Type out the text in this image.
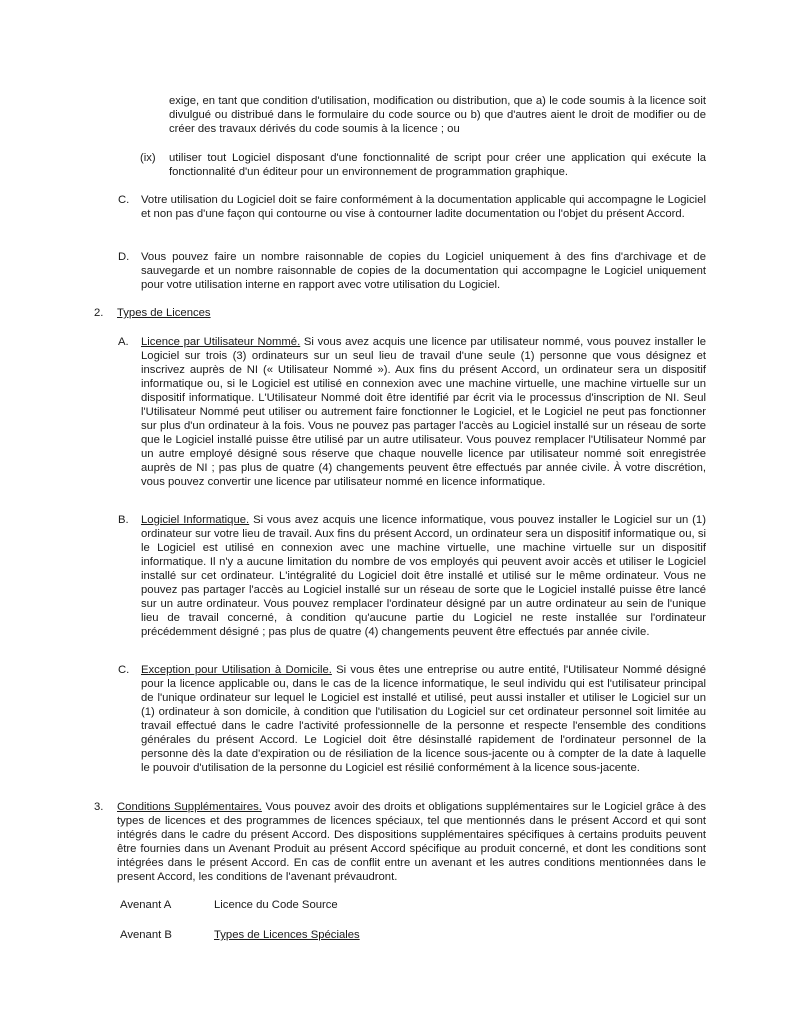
exige, en tant que condition d'utilisation, modification ou distribution, que a) le code soumis à la licence soit divulgué ou distribué dans le formulaire du code source ou b) que d'autres aient le droit de modifier ou de créer des travaux dérivés du code soumis à la licence ; ou

(ix) utiliser tout Logiciel disposant d'une fonctionnalité de script pour créer une application qui exécute la fonctionnalité d'un éditeur pour un environnement de programmation graphique.

C. Votre utilisation du Logiciel doit se faire conformément à la documentation applicable qui accompagne le Logiciel et non pas d'une façon qui contourne ou vise à contourner ladite documentation ou l'objet du présent Accord.

D. Vous pouvez faire un nombre raisonnable de copies du Logiciel uniquement à des fins d'archivage et de sauvegarde et un nombre raisonnable de copies de la documentation qui accompagne le Logiciel uniquement pour votre utilisation interne en rapport avec votre utilisation du Logiciel.

2. Types de Licences
A. Licence par Utilisateur Nommé. Si vous avez acquis une licence par utilisateur nommé, vous pouvez installer le Logiciel sur trois (3) ordinateurs sur un seul lieu de travail d'une seule (1) personne que vous désignez et inscrivez auprès de NI (« Utilisateur Nommé »). Aux fins du présent Accord, un ordinateur sera un dispositif informatique ou, si le Logiciel est utilisé en connexion avec une machine virtuelle, une machine virtuelle sur un dispositif informatique. L'Utilisateur Nommé doit être identifié par écrit via le processus d'inscription de NI. Seul l'Utilisateur Nommé peut utiliser ou autrement faire fonctionner le Logiciel, et le Logiciel ne peut pas fonctionner sur plus d'un ordinateur à la fois. Vous ne pouvez pas partager l'accès au Logiciel installé sur un réseau de sorte que le Logiciel installé puisse être utilisé par un autre utilisateur. Vous pouvez remplacer l'Utilisateur Nommé par un autre employé désigné sous réserve que chaque nouvelle licence par utilisateur nommé soit enregistrée auprès de NI ; pas plus de quatre (4) changements peuvent être effectués par année civile. À votre discrétion, vous pouvez convertir une licence par utilisateur nommé en licence informatique.

B. Logiciel Informatique. Si vous avez acquis une licence informatique, vous pouvez installer le Logiciel sur un (1) ordinateur sur votre lieu de travail. Aux fins du présent Accord, un ordinateur sera un dispositif informatique ou, si le Logiciel est utilisé en connexion avec une machine virtuelle, une machine virtuelle sur un dispositif informatique. Il n'y a aucune limitation du nombre de vos employés qui peuvent avoir accès et utiliser le Logiciel installé sur cet ordinateur. L'intégralité du Logiciel doit être installé et utilisé sur le même ordinateur. Vous ne pouvez pas partager l'accès au Logiciel installé sur un réseau de sorte que le Logiciel installé puisse être lancé sur un autre ordinateur. Vous pouvez remplacer l'ordinateur désigné par un autre ordinateur au sein de l'unique lieu de travail concerné, à condition qu'aucune partie du Logiciel ne reste installée sur l'ordinateur précédemment désigné ; pas plus de quatre (4) changements peuvent être effectués par année civile.

C. Exception pour Utilisation à Domicile. Si vous êtes une entreprise ou autre entité, l'Utilisateur Nommé désigné pour la licence applicable ou, dans le cas de la licence informatique, le seul individu qui est l'utilisateur principal de l'unique ordinateur sur lequel le Logiciel est installé et utilisé, peut aussi installer et utiliser le Logiciel sur un (1) ordinateur à son domicile, à condition que l'utilisation du Logiciel sur cet ordinateur personnel soit limitée au travail effectué dans le cadre l'activité professionnelle de la personne et respecte l'ensemble des conditions générales du présent Accord. Le Logiciel doit être désinstallé rapidement de l'ordinateur personnel de la personne dès la date d'expiration ou de résiliation de la licence sous-jacente ou à compter de la date à laquelle le pouvoir d'utilisation de la personne du Logiciel est résilié conformément à la licence sous-jacente.

3. Conditions Supplémentaires. Vous pouvez avoir des droits et obligations supplémentaires sur le Logiciel grâce à des types de licences et des programmes de licences spéciaux, tel que mentionnés dans le présent Accord et qui sont intégrés dans le cadre du présent Accord. Des dispositions supplémentaires spécifiques à certains produits peuvent être fournies dans un Avenant Produit au présent Accord spécifique au produit concerné, et dont les conditions sont intégrées dans le présent Accord. En cas de conflit entre un avenant et les autres conditions mentionnées dans le present Accord, les conditions de l'avenant prévaudront.

Avenant A	Licence du Code Source
Avenant B	Types de Licences Spéciales
